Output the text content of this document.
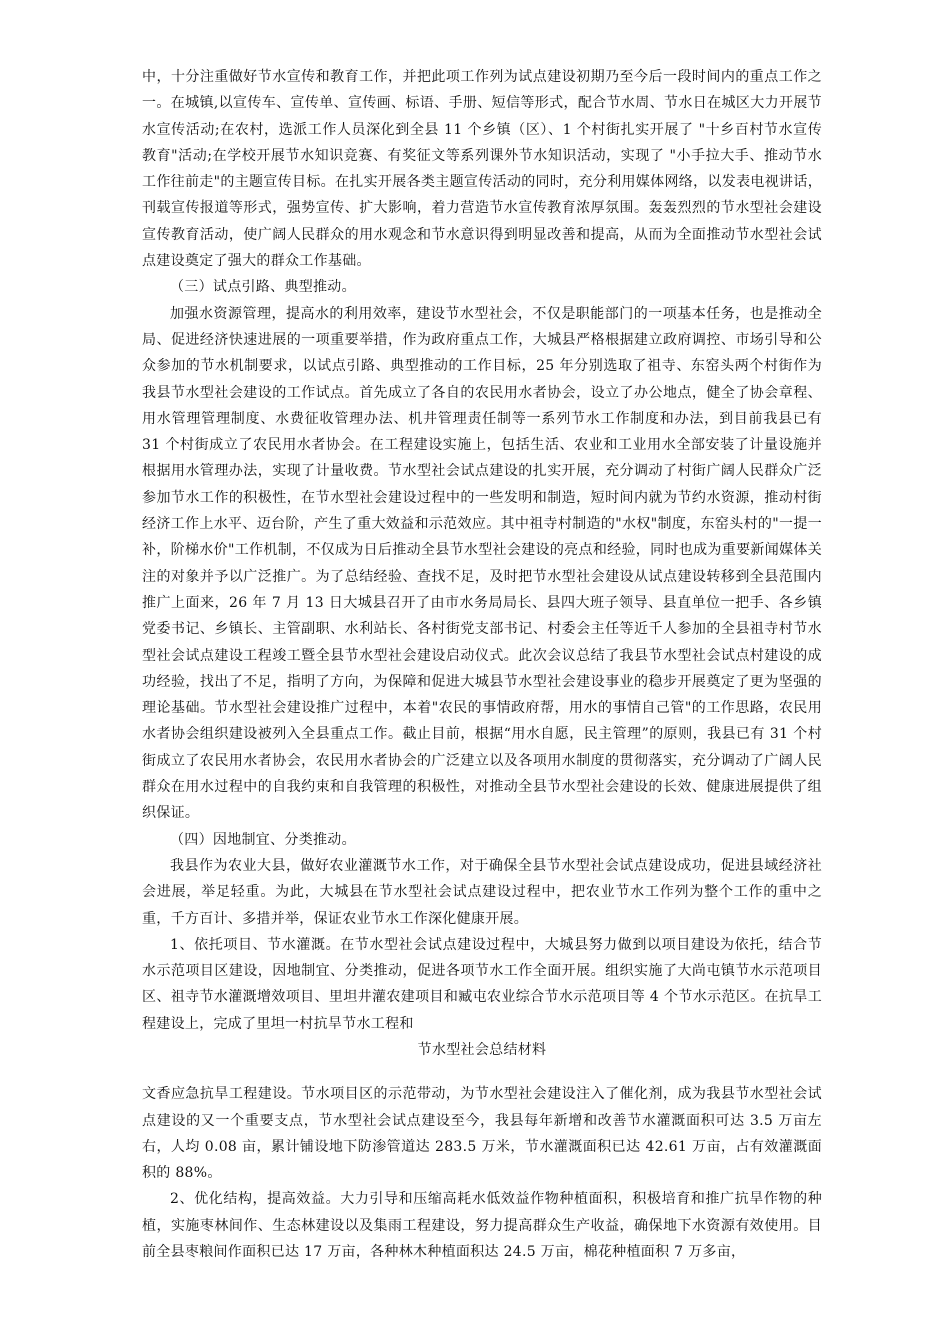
中，十分注重做好节水宣传和教育工作，并把此项工作列为试点建设初期乃至今后一段时间内的重点工作之一。在城镇,以宣传车、宣传单、宣传画、标语、手册、短信等形式，配合节水周、节水日在城区大力开展节水宣传活动;在农村，选派工作人员深化到全县 11 个乡镇（区）、1 个村街扎实开展了 "十乡百村节水宣传教育"活动;在学校开展节水知识竞赛、有奖征文等系列课外节水知识活动，实现了 "小手拉大手、推动节水工作往前走"的主题宣传目标。在扎实开展各类主题宣传活动的同时，充分利用媒体网络，以发表电视讲话，刊载宣传报道等形式，强势宣传、扩大影响，着力营造节水宣传教育浓厚氛围。轰轰烈烈的节水型社会建设宣传教育活动，使广阔人民群众的用水观念和节水意识得到明显改善和提高，从而为全面推动节水型社会试点建设奠定了强大的群众工作基础。

（三）试点引路、典型推动。

加强水资源管理，提高水的利用效率，建设节水型社会，不仅是职能部门的一项基本任务，也是推动全局、促进经济快速进展的一项重要举措，作为政府重点工作，大城县严格根据建立政府调控、市场引导和公众参加的节水机制要求，以试点引路、典型推动的工作目标，25 年分别选取了祖寺、东窑头两个村街作为我县节水型社会建设的工作试点。首先成立了各自的农民用水者协会，设立了办公地点，健全了协会章程、用水管理管理制度、水费征收管理办法、机井管理责任制等一系列节水工作制度和办法，到目前我县已有 31 个村街成立了农民用水者协会。在工程建设实施上，包括生活、农业和工业用水全部安装了计量设施并根据用水管理办法，实现了计量收费。节水型社会试点建设的扎实开展，充分调动了村街广阔人民群众广泛参加节水工作的积极性，在节水型社会建设过程中的一些发明和制造，短时间内就为节约水资源，推动村街经济工作上水平、迈台阶，产生了重大效益和示范效应。其中祖寺村制造的"水权"制度，东窑头村的"一提一补，阶梯水价"工作机制，不仅成为日后推动全县节水型社会建设的亮点和经验，同时也成为重要新闻媒体关注的对象并予以广泛推广。为了总结经验、查找不足，及时把节水型社会建设从试点建设转移到全县范围内推广上面来，26 年 7 月 13 日大城县召开了由市水务局局长、县四大班子领导、县直单位一把手、各乡镇党委书记、乡镇长、主管副职、水利站长、各村街党支部书记、村委会主任等近千人参加的全县祖寺村节水型社会试点建设工程竣工暨全县节水型社会建设启动仪式。此次会议总结了我县节水型社会试点村建设的成功经验，找出了不足，指明了方向，为保障和促进大城县节水型社会建设事业的稳步开展奠定了更为坚强的理论基础。节水型社会建设推广过程中，本着"农民的事情政府帮，用水的事情自己管"的工作思路，农民用水者协会组织建设被列入全县重点工作。截止目前，根据“用水自愿，民主管理”的原则，我县已有 31 个村街成立了农民用水者协会，农民用水者协会的广泛建立以及各项用水制度的贯彻落实，充分调动了广阔人民群众在用水过程中的自我约束和自我管理的积极性，对推动全县节水型社会建设的长效、健康进展提供了组织保证。

（四）因地制宜、分类推动。

我县作为农业大县，做好农业灌溉节水工作，对于确保全县节水型社会试点建设成功，促进县域经济社会进展，举足轻重。为此，大城县在节水型社会试点建设过程中，把农业节水工作列为整个工作的重中之重，千方百计、多措并举，保证农业节水工作深化健康开展。

1、依托项目、节水灌溉。在节水型社会试点建设过程中，大城县努力做到以项目建设为依托，结合节水示范项目区建设，因地制宜、分类推动，促进各项节水工作全面开展。组织实施了大尚屯镇节水示范项目区、祖寺节水灌溉增效项目、里坦井灌农建项目和臧屯农业综合节水示范项目等 4 个节水示范区。在抗旱工程建设上，完成了里坦一村抗旱节水工程和

节水型社会总结材料

文香应急抗旱工程建设。节水项目区的示范带动，为节水型社会建设注入了催化剂，成为我县节水型社会试点建设的又一个重要支点，节水型社会试点建设至今，我县每年新增和改善节水灌溉面积可达 3.5 万亩左右，人均 0.08 亩，累计铺设地下防渗管道达 283.5 万米，节水灌溉面积已达 42.61 万亩，占有效灌溉面积的 88%。

2、优化结构，提高效益。大力引导和压缩高耗水低效益作物种植面积，积极培育和推广抗旱作物的种植，实施枣林间作、生态林建设以及集雨工程建设，努力提高群众生产收益，确保地下水资源有效使用。目前全县枣粮间作面积已达 17 万亩，各种林木种植面积达 24.5 万亩，棉花种植面积 7 万多亩，
